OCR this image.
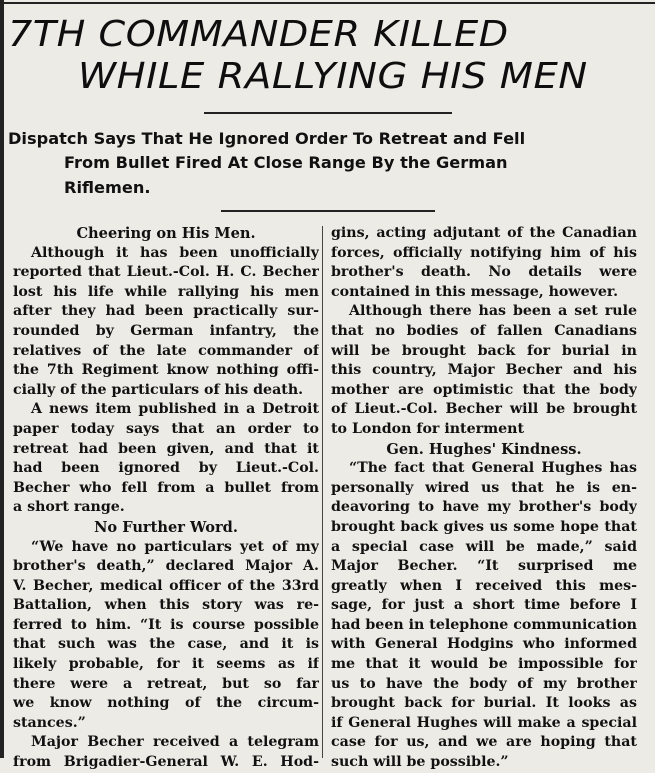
7TH COMMANDER KILLED
WHILE RALLYING HIS MEN
Dispatch Says That He Ignored Order To Retreat and Fell
From Bullet Fired At Close Range By the German
Riflemen.
Cheering on His Men.
Although it has been unofficially
reported that Lieut.-Col. H. C. Becher
lost his life while rallying his men
after they had been practically sur-
rounded by German infantry, the
relatives of the late commander of
the 7th Regiment know nothing offi-
cially of the particulars of his death.
A news item published in a Detroit
paper today says that an order to
retreat had been given, and that it
had been ignored by Lieut.-Col.
Becher who fell from a bullet from
a short range.
No Further Word.
“We have no particulars yet of my
brother's death,” declared Major A.
V. Becher, medical officer of the 33rd
Battalion, when this story was re-
ferred to him. “It is course possible
that such was the case, and it is
likely probable, for it seems as if
there were a retreat, but so far
we know nothing of the circum-
stances.”
Major Becher received a telegram
from Brigadier-General W. E. Hod-
gins, acting adjutant of the Canadian
forces, officially notifying him of his
brother's death. No details were
contained in this message, however.
Although there has been a set rule
that no bodies of fallen Canadians
will be brought back for burial in
this country, Major Becher and his
mother are optimistic that the body
of Lieut.-Col. Becher will be brought
to London for interment
Gen. Hughes' Kindness.
“The fact that General Hughes has
personally wired us that he is en-
deavoring to have my brother's body
brought back gives us some hope that
a special case will be made,” said
Major Becher. “It surprised me
greatly when I received this mes-
sage, for just a short time before I
had been in telephone communication
with General Hodgins who informed
me that it would be impossible for
us to have the body of my brother
brought back for burial. It looks as
if General Hughes will make a special
case for us, and we are hoping that
such will be possible.”
